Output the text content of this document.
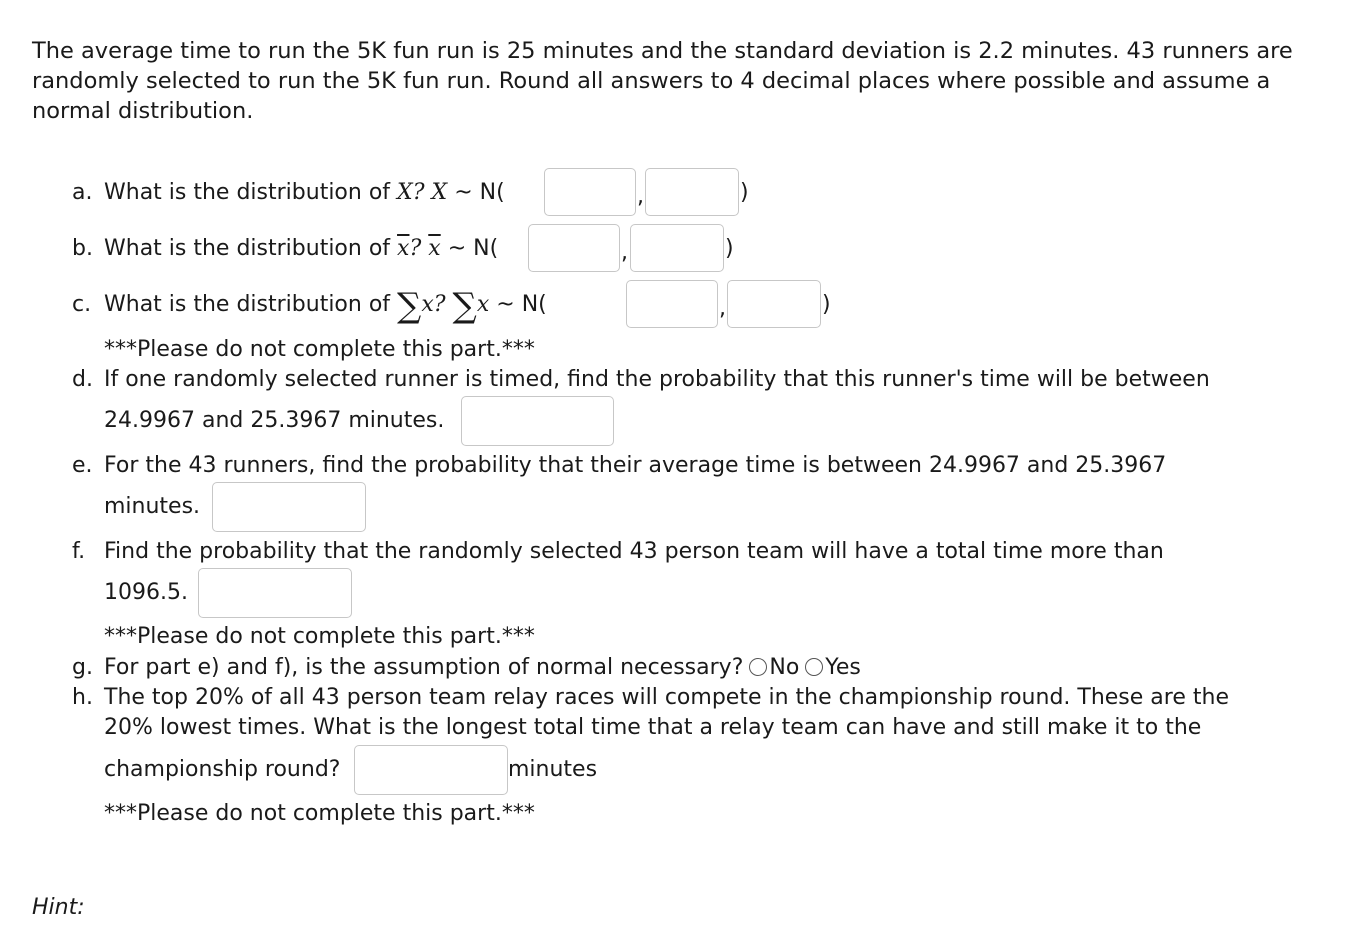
The average time to run the 5K fun run is 25 minutes and the standard deviation is 2.2 minutes. 43 runners are randomly selected to run the 5K fun run. Round all answers to 4 decimal places where possible and assume a normal distribution.
a. What is the distribution of X? X ~ N(	,	)
b. What is the distribution of $\overline{x}$? $\overline{x}$ ~ N(	,	)
c. What is the distribution of ∑x? ∑x ~ N(	,	)
***Please do not complete this part.***
d. If one randomly selected runner is timed, find the probability that this runner's time will be between
24.9967 and 25.3967 minutes.
e. For the 43 runners, find the probability that their average time is between 24.9967 and 25.3967
minutes.
f. Find the probability that the randomly selected 43 person team will have a total time more than
1096.5.
***Please do not complete this part.***
g. For part e) and f), is the assumption of normal necessary? No Yes
h. The top 20% of all 43 person team relay races will compete in the championship round. These are the
20% lowest times. What is the longest total time that a relay team can have and still make it to the
championship round?	minutes
***Please do not complete this part.***
Hint:
